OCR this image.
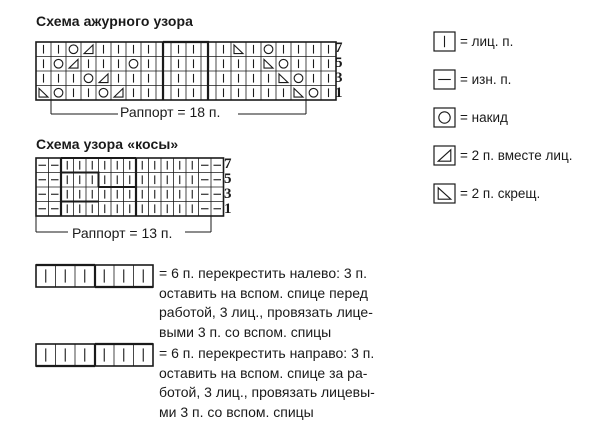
Схема ажурного узора
7
5
3
1
Раппорт = 18 п.
Схема узора «косы»
7
5
3
1
Раппорт = 13 п.
= лиц. п.
= изн. п.
= накид
= 2 п. вместе лиц.
= 2 п. скрещ.
= 6 п. перекрестить налево: 3 п.
оставить на вспом. спице перед
работой, 3 лиц., провязать лице-
выми 3 п. со вспом. спицы
= 6 п. перекрестить направо: 3 п.
оставить на вспом. спице за ра-
ботой, 3 лиц., провязать лицевы-
ми 3 п. со вспом. спицы
